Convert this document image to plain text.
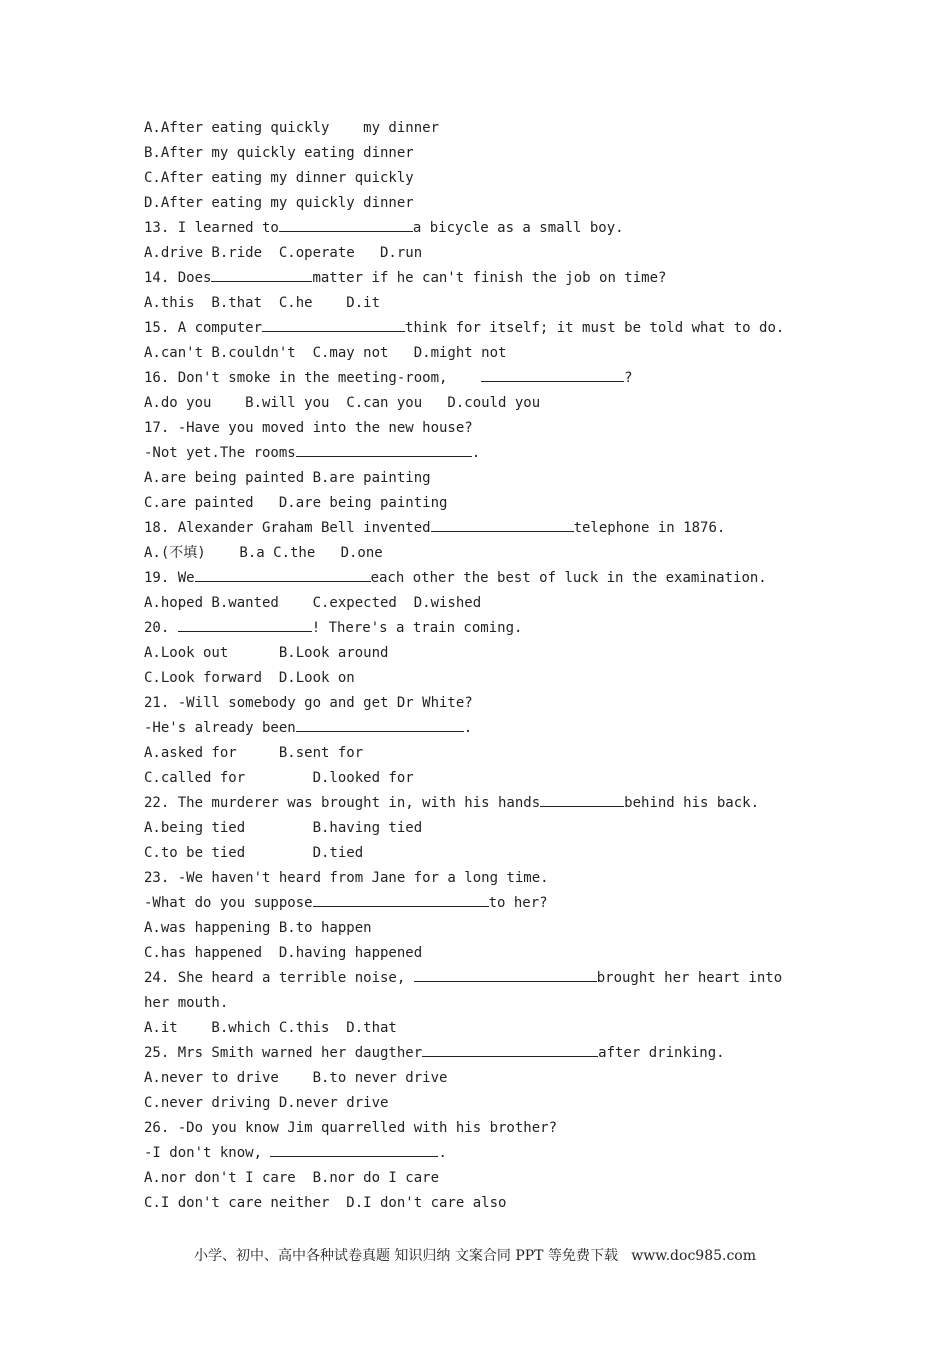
A.After eating quickly    my dinner
B.After my quickly eating dinner
C.After eating my dinner quickly
D.After eating my quickly dinner
13. I learned to	a bicycle as a small boy.
A.drive B.ride  C.operate   D.run
14. Does	matter if he can't finish the job on time?
A.this  B.that  C.he    D.it
15. A computer	think for itself; it must be told what to do.
A.can't B.couldn't  C.may not   D.might not
16. Don't smoke in the meeting-room,	?
A.do you    B.will you  C.can you   D.could you
17. -Have you moved into the new house?
-Not yet.The rooms	.
A.are being painted B.are painting
C.are painted   D.are being painting
18. Alexander Graham Bell invented	telephone in 1876.
A.(不填)    B.a C.the   D.one
19. We	each other the best of luck in the examination.
A.hoped B.wanted    C.expected  D.wished
20.	! There's a train coming.
A.Look out      B.Look around
C.Look forward  D.Look on
21. -Will somebody go and get Dr White?
-He's already been	.
A.asked for     B.sent for
C.called for        D.looked for
22. The murderer was brought in, with his hands	behind his back.
A.being tied        B.having tied
C.to be tied        D.tied
23. -We haven't heard from Jane for a long time.
-What do you suppose	to her?
A.was happening B.to happen
C.has happened  D.having happened
24. She heard a terrible noise,	brought her heart into
her mouth.
A.it    B.which C.this  D.that
25. Mrs Smith warned her daugther	after drinking.
A.never to drive    B.to never drive
C.never driving D.never drive
26. -Do you know Jim quarrelled with his brother?
-I don't know,	.
A.nor don't I care  B.nor do I care
C.I don't care neither  D.I don't care also
小学、初中、高中各种试卷真题 知识归纳 文案合同 PPT 等免费下载   www.doc985.com
